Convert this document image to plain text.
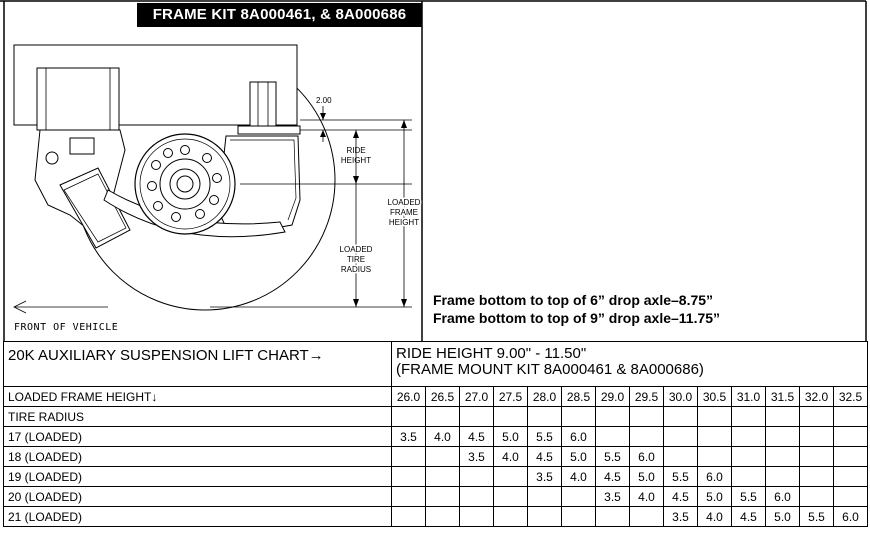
2.00
RIDE
HEIGHT
LOADED
FRAME
HEIGHT
LOADED
TIRE
RADIUS
FRONT OF VEHICLE
FRAME KIT 8A000461, & 8A000686
Frame bottom to top of 6” drop axle–8.75”
Frame bottom to top of 9” drop axle–11.75”
20K AUXILIARY SUSPENSION LIFT CHART→	RIDE HEIGHT 9.00" - 11.50"
(FRAME MOUNT KIT 8A000461 & 8A000686)													

LOADED FRAME HEIGHT↓	26.0	26.5	27.0	27.5	28.0	28.5	29.0	29.5	30.0	30.5	31.0	31.5	32.0	32.5
TIRE RADIUS														
17 (LOADED)	3.5	4.0	4.5	5.0	5.5	6.0								
18 (LOADED)			3.5	4.0	4.5	5.0	5.5	6.0						
19 (LOADED)					3.5	4.0	4.5	5.0	5.5	6.0				
20 (LOADED)							3.5	4.0	4.5	5.0	5.5	6.0		
21 (LOADED)									3.5	4.0	4.5	5.0	5.5	6.0
